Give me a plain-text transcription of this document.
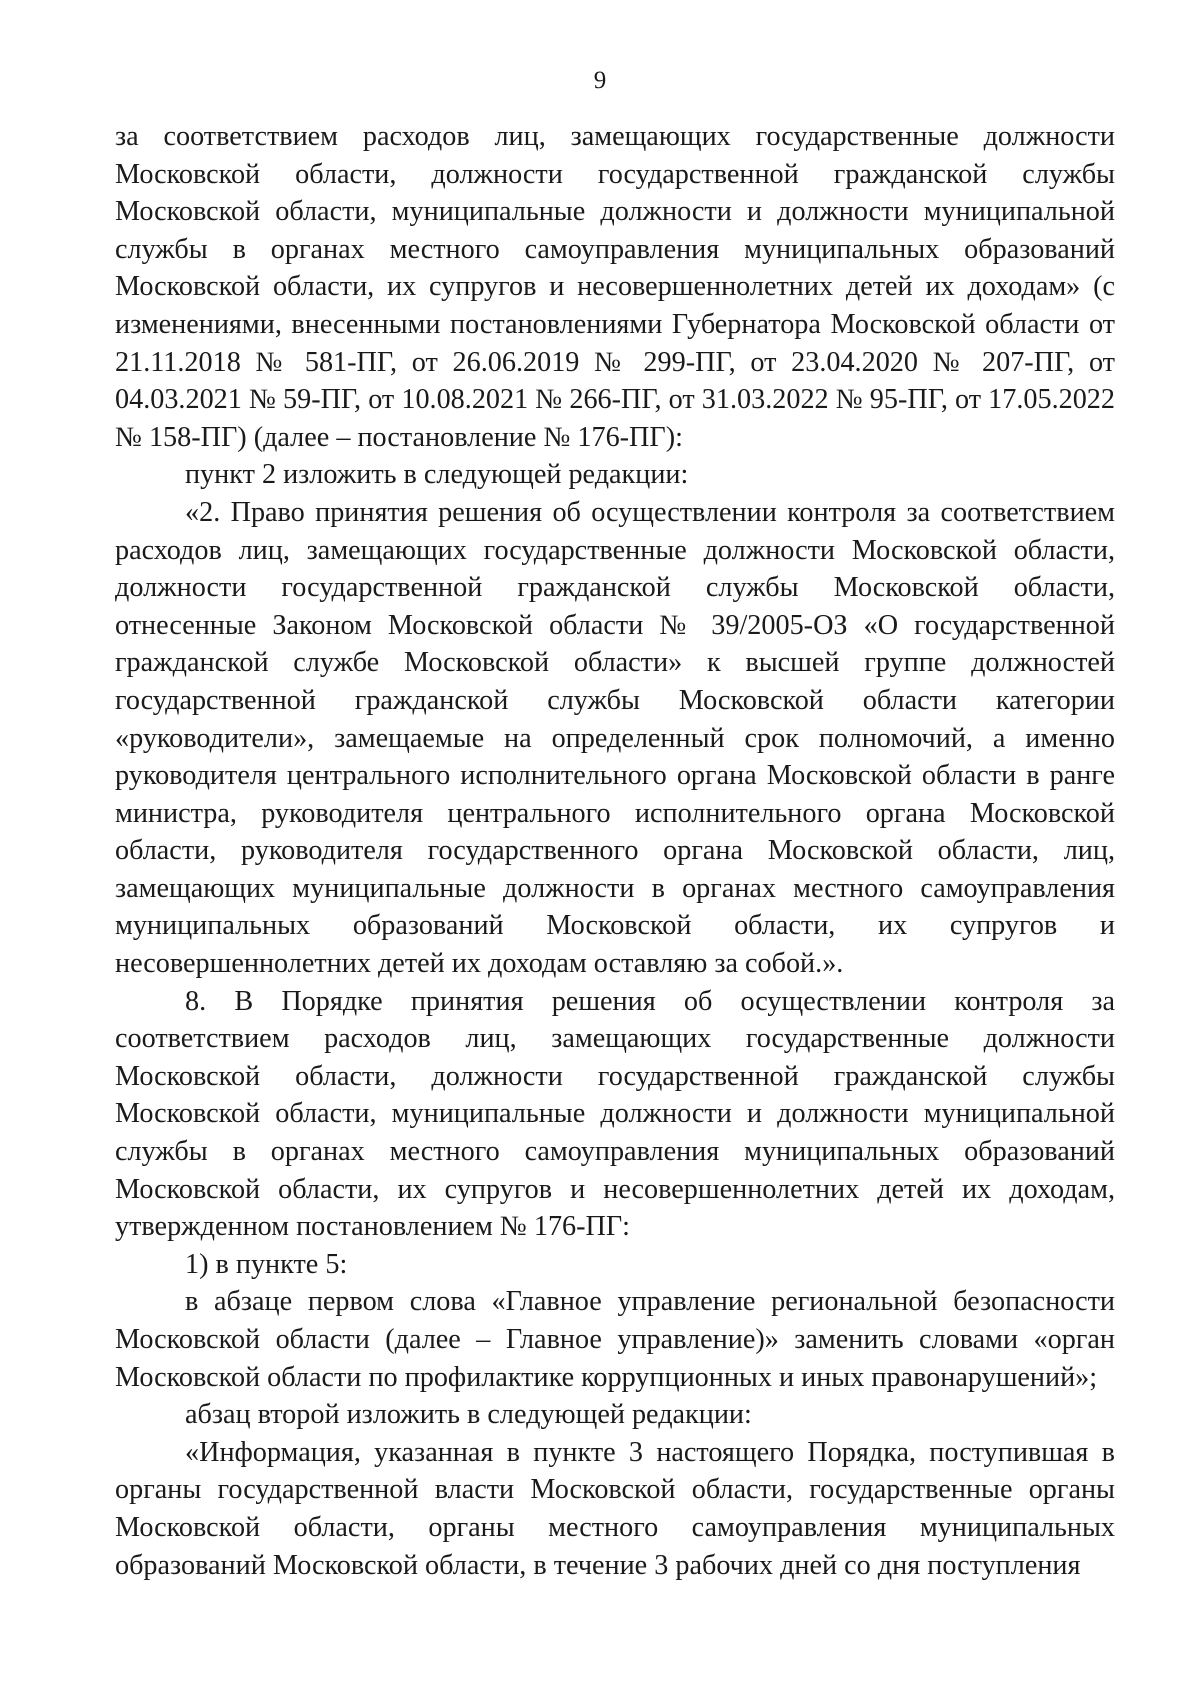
9

за соответствием расходов лиц, замещающих государственные должности Московской области, должности государственной гражданской службы Московской области, муниципальные должности и должности муниципальной службы в органах местного самоуправления муниципальных образований Московской области, их супругов и несовершеннолетних детей их доходам» (с изменениями, внесенными постановлениями Губернатора Московской области от 21.11.2018 № 581-ПГ, от 26.06.2019 № 299-ПГ, от 23.04.2020 № 207-ПГ, от 04.03.2021 № 59-ПГ, от 10.08.2021 № 266-ПГ, от 31.03.2022 № 95-ПГ, от 17.05.2022 № 158-ПГ) (далее – постановление № 176-ПГ):

пункт 2 изложить в следующей редакции:

«2. Право принятия решения об осуществлении контроля за соответствием расходов лиц, замещающих государственные должности Московской области, должности государственной гражданской службы Московской области, отнесенные Законом Московской области № 39/2005-ОЗ «О государственной гражданской службе Московской области» к высшей группе должностей государственной гражданской службы Московской области категории «руководители», замещаемые на определенный срок полномочий, а именно руководителя центрального исполнительного органа Московской области в ранге министра, руководителя центрального исполнительного органа Московской области, руководителя государственного органа Московской области, лиц, замещающих муниципальные должности в органах местного самоуправления муниципальных образований Московской области, их супругов и несовершеннолетних детей их доходам оставляю за собой.».

8. В Порядке принятия решения об осуществлении контроля за соответствием расходов лиц, замещающих государственные должности Московской области, должности государственной гражданской службы Московской области, муниципальные должности и должности муниципальной службы в органах местного самоуправления муниципальных образований Московской области, их супругов и несовершеннолетних детей их доходам, утвержденном постановлением № 176-ПГ:

1) в пункте 5:

в абзаце первом слова «Главное управление региональной безопасности Московской области (далее – Главное управление)» заменить словами «орган Московской области по профилактике коррупционных и иных правонарушений»;

абзац второй изложить в следующей редакции:

«Информация, указанная в пункте 3 настоящего Порядка, поступившая в органы государственной власти Московской области, государственные органы Московской области, органы местного самоуправления муниципальных образований Московской области, в течение 3 рабочих дней со дня поступления
